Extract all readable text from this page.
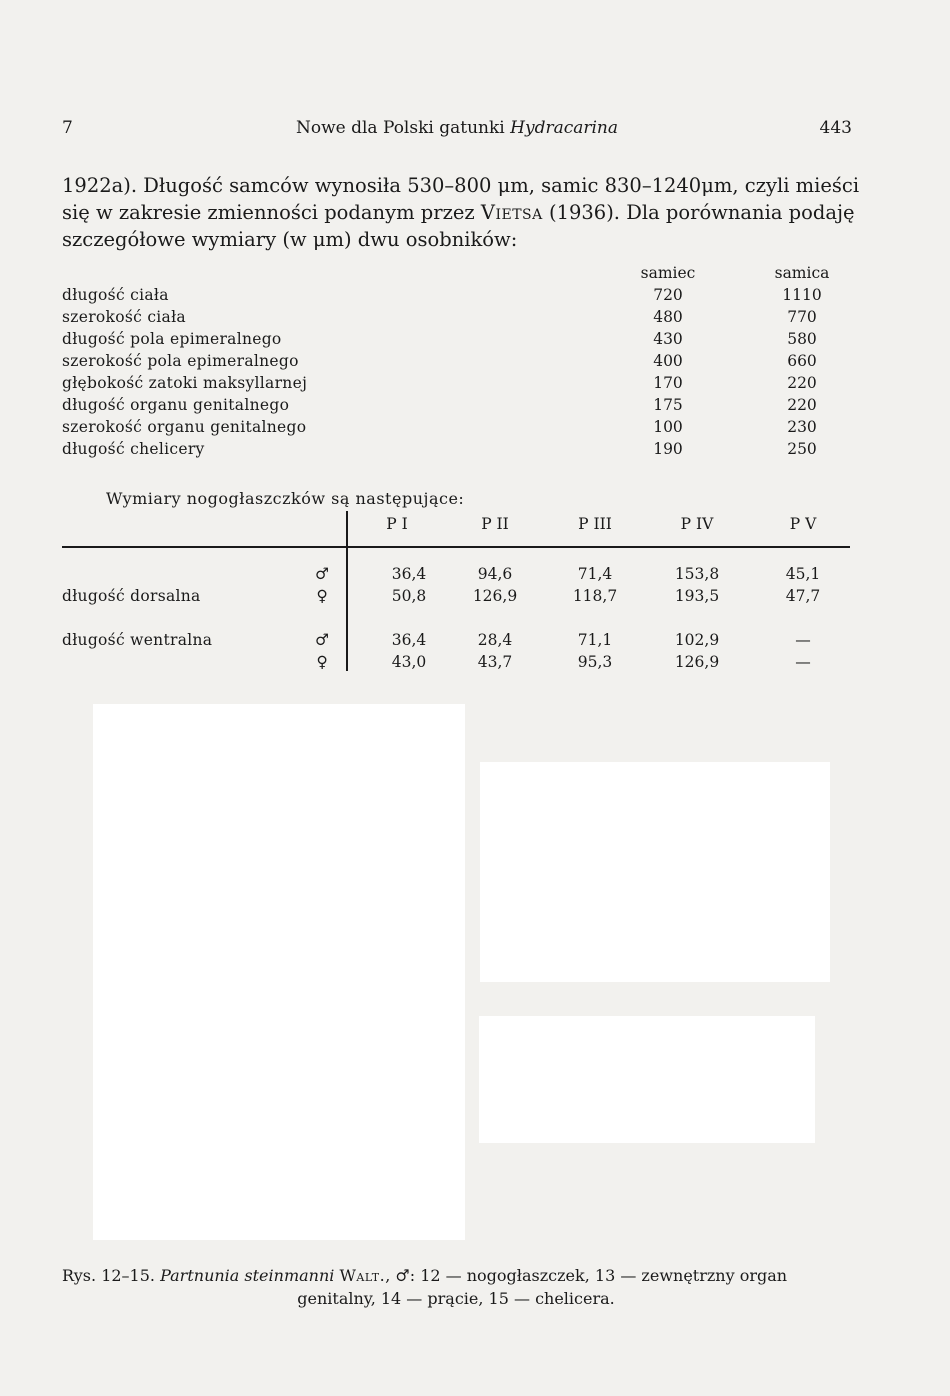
7	Nowe dla Polski gatunki Hydracarina	443
1922a). Długość samców wynosiła 530–800 μm, samic 830–1240μm, czyli mieści
się w zakresie zmienności podanym przez Vietsa (1936). Dla porównania podaję
szczegółowe wymiary (w μm) dwu osobników:
samiec	samica
długość ciała	720	1110
szerokość ciała	480	770
długość pola epimeralnego	430	580
szerokość pola epimeralnego	400	660
głębokość zatoki maksyllarnej	170	220
długość organu genitalnego	175	220
szerokość organu genitalnego	100	230
długość chelicery	190	250
Wymiary nogogłaszczków są następujące:
P I	P II	P III	P IV	P V
♂	36,4	94,6	71,4	153,8	45,1
długość dorsalna	♀	50,8	126,9	118,7	193,5	47,7
długość wentralna	♂	36,4	28,4	71,1	102,9	—
♀	43,0	43,7	95,3	126,9	—
Rys. 12–15. Partnunia steinmanni Walt., ♂: 12 — nogogłaszczek, 13 — zewnętrzny organ
genitalny, 14 — prącie, 15 — chelicera.
